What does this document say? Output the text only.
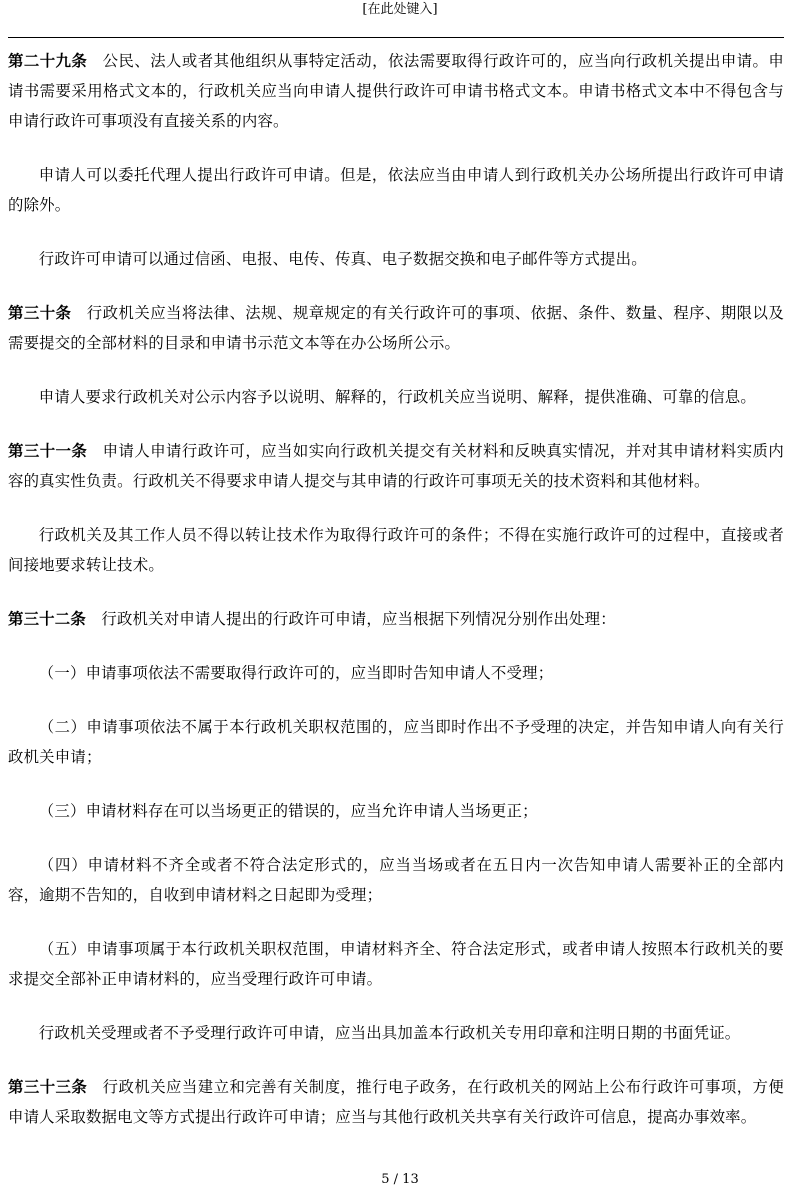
[在此处键入]

第二十九条 公民、法人或者其他组织从事特定活动，依法需要取得行政许可的，应当向行政机关提出申请。申请书需要采用格式文本的，行政机关应当向申请人提供行政许可申请书格式文本。申请书格式文本中不得包含与申请行政许可事项没有直接关系的内容。

申请人可以委托代理人提出行政许可申请。但是，依法应当由申请人到行政机关办公场所提出行政许可申请的除外。

行政许可申请可以通过信函、电报、电传、传真、电子数据交换和电子邮件等方式提出。

第三十条 行政机关应当将法律、法规、规章规定的有关行政许可的事项、依据、条件、数量、程序、期限以及需要提交的全部材料的目录和申请书示范文本等在办公场所公示。

申请人要求行政机关对公示内容予以说明、解释的，行政机关应当说明、解释，提供准确、可靠的信息。

第三十一条 申请人申请行政许可，应当如实向行政机关提交有关材料和反映真实情况，并对其申请材料实质内容的真实性负责。行政机关不得要求申请人提交与其申请的行政许可事项无关的技术资料和其他材料。

行政机关及其工作人员不得以转让技术作为取得行政许可的条件；不得在实施行政许可的过程中，直接或者间接地要求转让技术。

第三十二条 行政机关对申请人提出的行政许可申请，应当根据下列情况分别作出处理：

（一）申请事项依法不需要取得行政许可的，应当即时告知申请人不受理；

（二）申请事项依法不属于本行政机关职权范围的，应当即时作出不予受理的决定，并告知申请人向有关行政机关申请；

（三）申请材料存在可以当场更正的错误的，应当允许申请人当场更正；

（四）申请材料不齐全或者不符合法定形式的，应当当场或者在五日内一次告知申请人需要补正的全部内容，逾期不告知的，自收到申请材料之日起即为受理；

（五）申请事项属于本行政机关职权范围，申请材料齐全、符合法定形式，或者申请人按照本行政机关的要求提交全部补正申请材料的，应当受理行政许可申请。

行政机关受理或者不予受理行政许可申请，应当出具加盖本行政机关专用印章和注明日期的书面凭证。

第三十三条 行政机关应当建立和完善有关制度，推行电子政务，在行政机关的网站上公布行政许可事项，方便申请人采取数据电文等方式提出行政许可申请；应当与其他行政机关共享有关行政许可信息，提高办事效率。

5 / 13
